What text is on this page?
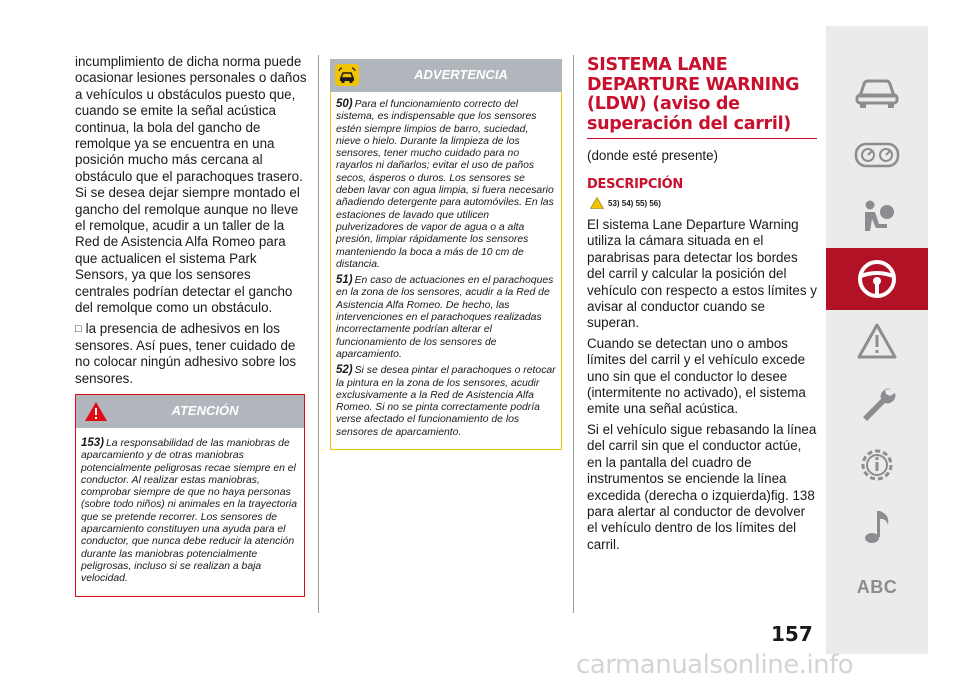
incumplimiento de dicha norma puede ocasionar lesiones personales o daños a vehículos u obstáculos puesto que, cuando se emite la señal acústica continua, la bola del gancho de remolque ya se encuentra en una posición mucho más cercana al obstáculo que el parachoques trasero. Si se desea dejar siempre montado el gancho del remolque aunque no lleve el remolque, acudir a un taller de la Red de Asistencia Alfa Romeo para que actualicen el sistema Park Sensors, ya que los sensores centrales podrían detectar el gancho del remolque como un obstáculo.

□ la presencia de adhesivos en los sensores. Así pues, tener cuidado de no colocar ningún adhesivo sobre los sensores.

ATENCIÓN

153) La responsabilidad de las maniobras de aparcamiento y de otras maniobras potencialmente peligrosas recae siempre en el conductor. Al realizar estas maniobras, comprobar siempre de que no haya personas (sobre todo niños) ni animales en la trayectoria que se pretende recorrer. Los sensores de aparcamiento constituyen una ayuda para el conductor, que nunca debe reducir la atención durante las maniobras potencialmente peligrosas, incluso si se realizan a baja velocidad.

ADVERTENCIA

50) Para el funcionamiento correcto del sistema, es indispensable que los sensores estén siempre limpios de barro, suciedad, nieve o hielo. Durante la limpieza de los sensores, tener mucho cuidado para no rayarlos ni dañarlos; evitar el uso de paños secos, ásperos o duros. Los sensores se deben lavar con agua limpia, si fuera necesario añadiendo detergente para automóviles. En las estaciones de lavado que utilicen pulverizadores de vapor de agua o a alta presión, limpiar rápidamente los sensores manteniendo la boca a más de 10 cm de distancia.

51) En caso de actuaciones en el parachoques en la zona de los sensores, acudir a la Red de Asistencia Alfa Romeo. De hecho, las intervenciones en el parachoques realizadas incorrectamente podrían alterar el funcionamiento de los sensores de aparcamiento.

52) Si se desea pintar el parachoques o retocar la pintura en la zona de los sensores, acudir exclusivamente a la Red de Asistencia Alfa Romeo. Si no se pinta correctamente podría verse afectado el funcionamiento de los sensores de aparcamiento.

SISTEMA LANE DEPARTURE WARNING (LDW) (aviso de superación del carril)
(donde esté presente)
DESCRIPCIÓN
53) 54) 55) 56)

El sistema Lane Departure Warning utiliza la cámara situada en el parabrisas para detectar los bordes del carril y calcular la posición del vehículo con respecto a estos límites y avisar al conductor cuando se superan.

Cuando se detectan uno o ambos límites del carril y el vehículo excede uno sin que el conductor lo desee (intermitente no activado), el sistema emite una señal acústica.

Si el vehículo sigue rebasando la línea del carril sin que el conductor actúe, en la pantalla del cuadro de instrumentos se enciende la línea excedida (derecha o izquierda)fig. 138 para alertar al conductor de devolver el vehículo dentro de los límites del carril.

ABC
157
carmanualsonline.info
